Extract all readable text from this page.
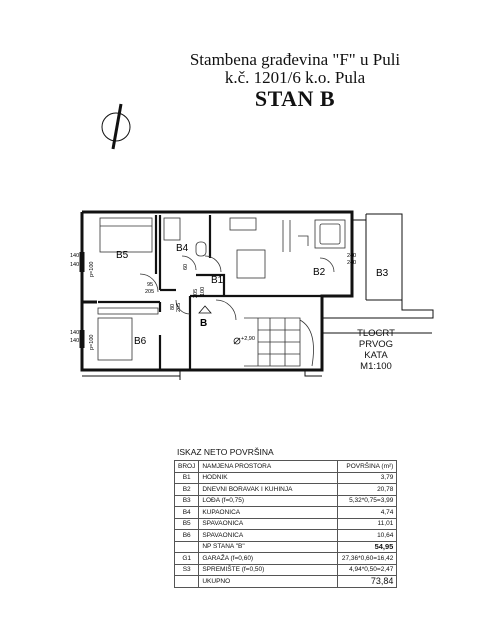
Stambena građevina "F" u Puli
k.č. 1201/6 k.o. Pula
STAN B
B5
B4
B1
B2	B3
B6
B
+2,90
140
140 p=100
140
140 p=100
240
240
95
205	100
205
60
80 205
TLOCRT
PRVOG
KATA
M1:100
ISKAZ NETO POVRŠINA
BROJ	NAMJENA PROSTORA	POVRŠINA (m²)
B1	HODNIK	3,79
B2	DNEVNI BORAVAK I KUHINJA	20,78
B3	LOĐA (f=0,75)	5,32*0,75=3,99
B4	KUPAONICA	4,74
B5	SPAVAONICA	11,01
B6	SPAVAONICA	10,64
	NP STANA "B"	54,95
G1	GARAŽA (f=0,60)	27,36*0,60=16,42
S3	SPREMIŠTE (f=0,50)	4,94*0,50=2,47
	UKUPNO	73,84
